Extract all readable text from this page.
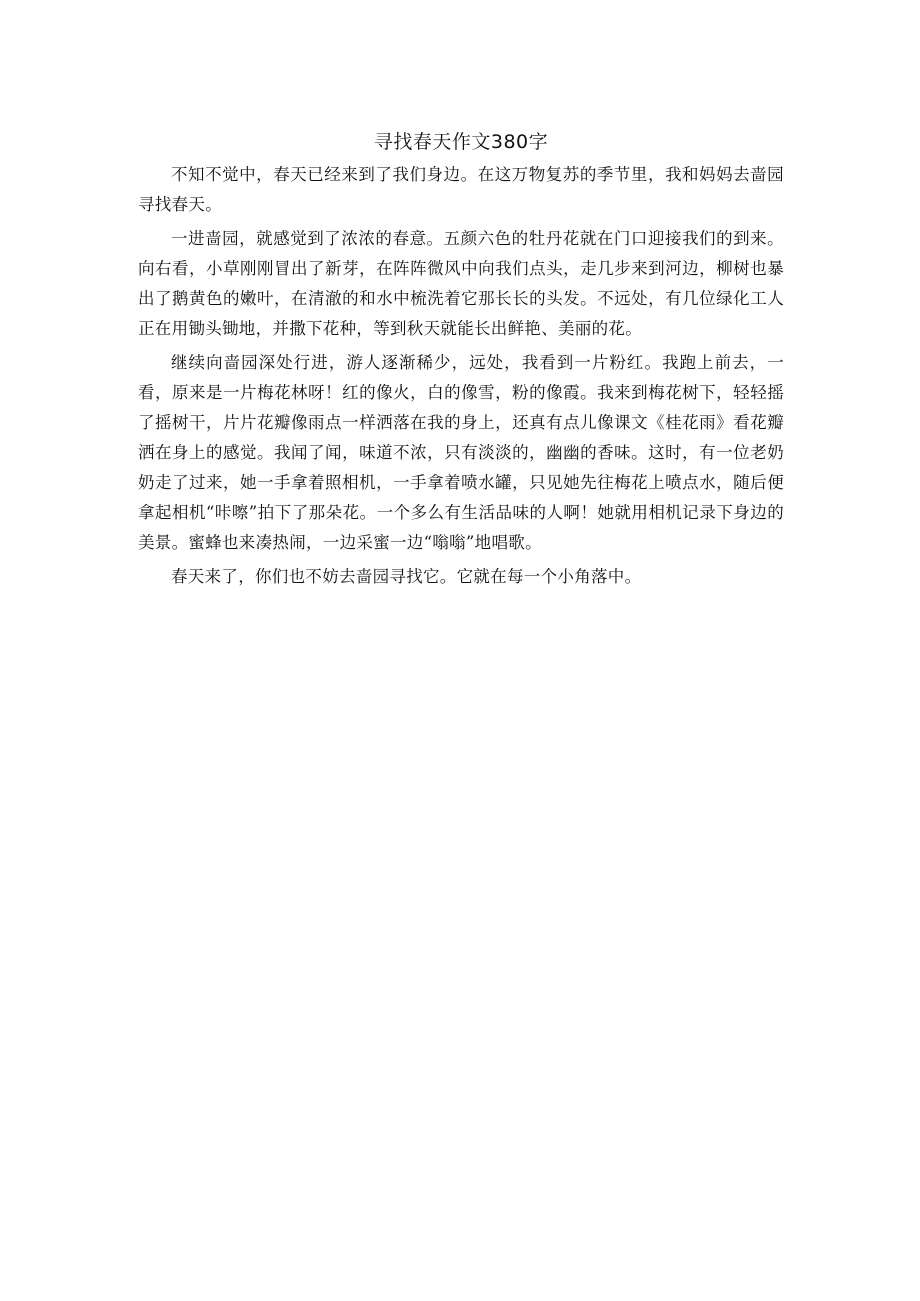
寻找春天作文380字

不知不觉中，春天已经来到了我们身边。在这万物复苏的季节里，我和妈妈去啬园寻找春天。

一进啬园，就感觉到了浓浓的春意。五颜六色的牡丹花就在门口迎接我们的到来。向右看，小草刚刚冒出了新芽，在阵阵微风中向我们点头，走几步来到河边，柳树也暴出了鹅黄色的嫩叶，在清澈的和水中梳洗着它那长长的头发。不远处，有几位绿化工人正在用锄头锄地，并撒下花种，等到秋天就能长出鲜艳、美丽的花。

继续向啬园深处行进，游人逐渐稀少，远处，我看到一片粉红。我跑上前去，一看，原来是一片梅花林呀！红的像火，白的像雪，粉的像霞。我来到梅花树下，轻轻摇了摇树干，片片花瓣像雨点一样洒落在我的身上，还真有点儿像课文《桂花雨》看花瓣洒在身上的感觉。我闻了闻，味道不浓，只有淡淡的，幽幽的香味。这时，有一位老奶奶走了过来，她一手拿着照相机，一手拿着喷水罐，只见她先往梅花上喷点水，随后便拿起相机“咔嚓”拍下了那朵花。一个多么有生活品味的人啊！她就用相机记录下身边的美景。蜜蜂也来凑热闹，一边采蜜一边“嗡嗡”地唱歌。

春天来了，你们也不妨去啬园寻找它。它就在每一个小角落中。
